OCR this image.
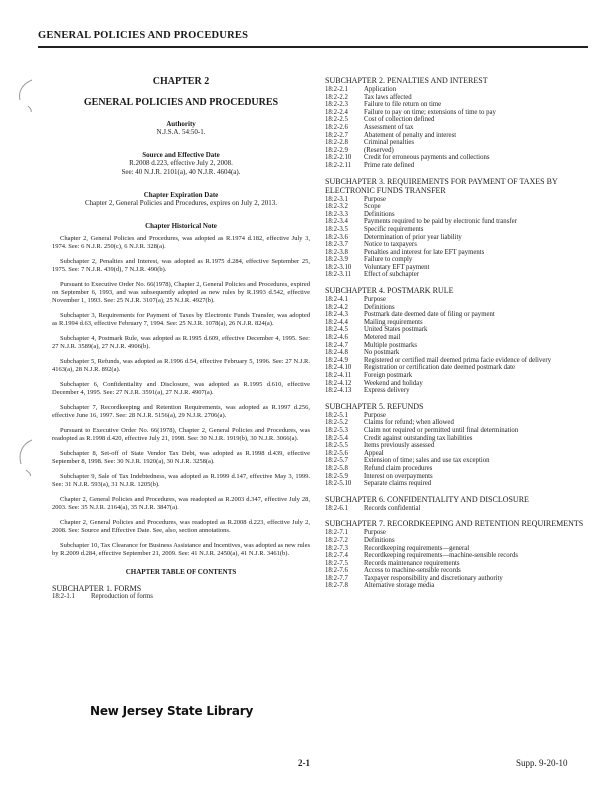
GENERAL POLICIES AND PROCEDURES
CHAPTER 2
GENERAL POLICIES AND PROCEDURES
Authority
N.J.S.A. 54:50-1.
Source and Effective Date
R.2008 d.223, effective July 2, 2008.
See: 40 N.J.R. 2101(a), 40 N.J.R. 4604(a).
Chapter Expiration Date
Chapter 2, General Policies and Procedures, expires on July 2, 2013.
Chapter Historical Note

Chapter 2, General Policies and Procedures, was adopted as R.1974 d.182, effective July 3, 1974. See: 6 N.J.R. 250(c), 6 N.J.R. 328(a).

Subchapter 2, Penalties and Interest, was adopted as R.1975 d.284, effective September 25, 1975. See: 7 N.J.R. 439(d), 7 N.J.R. 490(b).

Pursuant to Executive Order No. 66(1978), Chapter 2, General Policies and Procedures, expired on September 6, 1993, and was subsequently adopted as new rules by R.1993 d.542, effective November 1, 1993. See: 25 N.J.R. 3107(a), 25 N.J.R. 4927(b).

Subchapter 3, Requirements for Payment of Taxes by Electronic Funds Transfer, was adopted as R.1994 d.63, effective February 7, 1994. See: 25 N.J.R. 1078(a), 26 N.J.R. 824(a).

Subchapter 4, Postmark Rule, was adopted as R.1995 d.609, effective December 4, 1995. See: 27 N.J.R. 3589(a), 27 N.J.R. 4906(b).

Subchapter 5, Refunds, was adopted as R.1996 d.54, effective February 5, 1996. See: 27 N.J.R. 4163(a), 28 N.J.R. 892(a).

Subchapter 6, Confidentiality and Disclosure, was adopted as R.1995 d.610, effective December 4, 1995. See: 27 N.J.R. 3591(a), 27 N.J.R. 4907(a).

Subchapter 7, Recordkeeping and Retention Requirements, was adopted as R.1997 d.256, effective June 16, 1997. See: 28 N.J.R. 5156(a), 29 N.J.R. 2706(a).

Pursuant to Executive Order No. 66(1978), Chapter 2, General Policies and Procedures, was readopted as R.1998 d.420, effective July 21, 1998. See: 30 N.J.R. 1919(b), 30 N.J.R. 3066(a).

Subchapter 8, Set-off of State Vendor Tax Debt, was adopted as R.1998 d.439, effective September 8, 1998. See: 30 N.J.R. 1920(a), 30 N.J.R. 3258(a).

Subchapter 9, Sale of Tax Indebtedness, was adopted as R.1999 d.147, effective May 3, 1999. See: 31 N.J.R. 593(a), 31 N.J.R. 1205(b).

Chapter 2, General Policies and Procedures, was readopted as R.2003 d.347, effective July 28, 2003. See: 35 N.J.R. 2164(a), 35 N.J.R. 3847(a).

Chapter 2, General Policies and Procedures, was readopted as R.2008 d.223, effective July 2, 2008. See: Source and Effective Date. See, also, section annotations.

Subchapter 10, Tax Clearance for Business Assistance and Incentives, was adopted as new rules by R.2009 d.284, effective September 21, 2009. See: 41 N.J.R. 2450(a), 41 N.J.R. 3461(b).

CHAPTER TABLE OF CONTENTS
SUBCHAPTER 1. FORMS
18:2-1.1	Reproduction of forms
New Jersey State Library
SUBCHAPTER 2. PENALTIES AND INTEREST
18:2-2.1	Application
18:2-2.2	Tax laws affected
18:2-2.3	Failure to file return on time
18:2-2.4	Failure to pay on time; extensions of time to pay
18:2-2.5	Cost of collection defined
18:2-2.6	Assessment of tax
18:2-2.7	Abatement of penalty and interest
18:2-2.8	Criminal penalties
18:2-2.9	(Reserved)
18:2-2.10	Credit for erroneous payments and collections
18:2-2.11	Prime rate defined
SUBCHAPTER 3. REQUIREMENTS FOR PAYMENT OF TAXES BY ELECTRONIC FUNDS TRANSFER
18:2-3.1	Purpose
18:2-3.2	Scope
18:2-3.3	Definitions
18:2-3.4	Payments required to be paid by electronic fund transfer
18:2-3.5	Specific requirements
18:2-3.6	Determination of prior year liability
18:2-3.7	Notice to taxpayers
18:2-3.8	Penalties and interest for late EFT payments
18:2-3.9	Failure to comply
18:2-3.10	Voluntary EFT payment
18:2-3.11	Effect of subchapter
SUBCHAPTER 4. POSTMARK RULE
18:2-4.1	Purpose
18:2-4.2	Definitions
18:2-4.3	Postmark date deemed date of filing or payment
18:2-4.4	Mailing requirements
18:2-4.5	United States postmark
18:2-4.6	Metered mail
18:2-4.7	Multiple postmarks
18:2-4.8	No postmark
18:2-4.9	Registered or certified mail deemed prima facie evidence of delivery
18:2-4.10	Registration or certification date deemed postmark date
18:2-4.11	Foreign postmark
18:2-4.12	Weekend and holiday
18:2-4.13	Express delivery
SUBCHAPTER 5. REFUNDS
18:2-5.1	Purpose
18:2-5.2	Claims for refund; when allowed
18:2-5.3	Claim not required or permitted until final determination
18:2-5.4	Credit against outstanding tax liabilities
18:2-5.5	Items previously assessed
18:2-5.6	Appeal
18:2-5.7	Extension of time; sales and use tax exception
18:2-5.8	Refund claim procedures
18:2-5.9	Interest on overpayments
18:2-5.10	Separate claims required
SUBCHAPTER 6. CONFIDENTIALITY AND DISCLOSURE
18:2-6.1	Records confidential
SUBCHAPTER 7. RECORDKEEPING AND RETENTION REQUIREMENTS
18:2-7.1	Purpose
18:2-7.2	Definitions
18:2-7.3	Recordkeeping requirements—general
18:2-7.4	Recordkeeping requirements—machine-sensible records
18:2-7.5	Records maintenance requirements
18:2-7.6	Access to machine-sensible records
18:2-7.7	Taxpayer responsibility and discretionary authority
18:2-7.8	Alternative storage media
2-1	Supp. 9-20-10
